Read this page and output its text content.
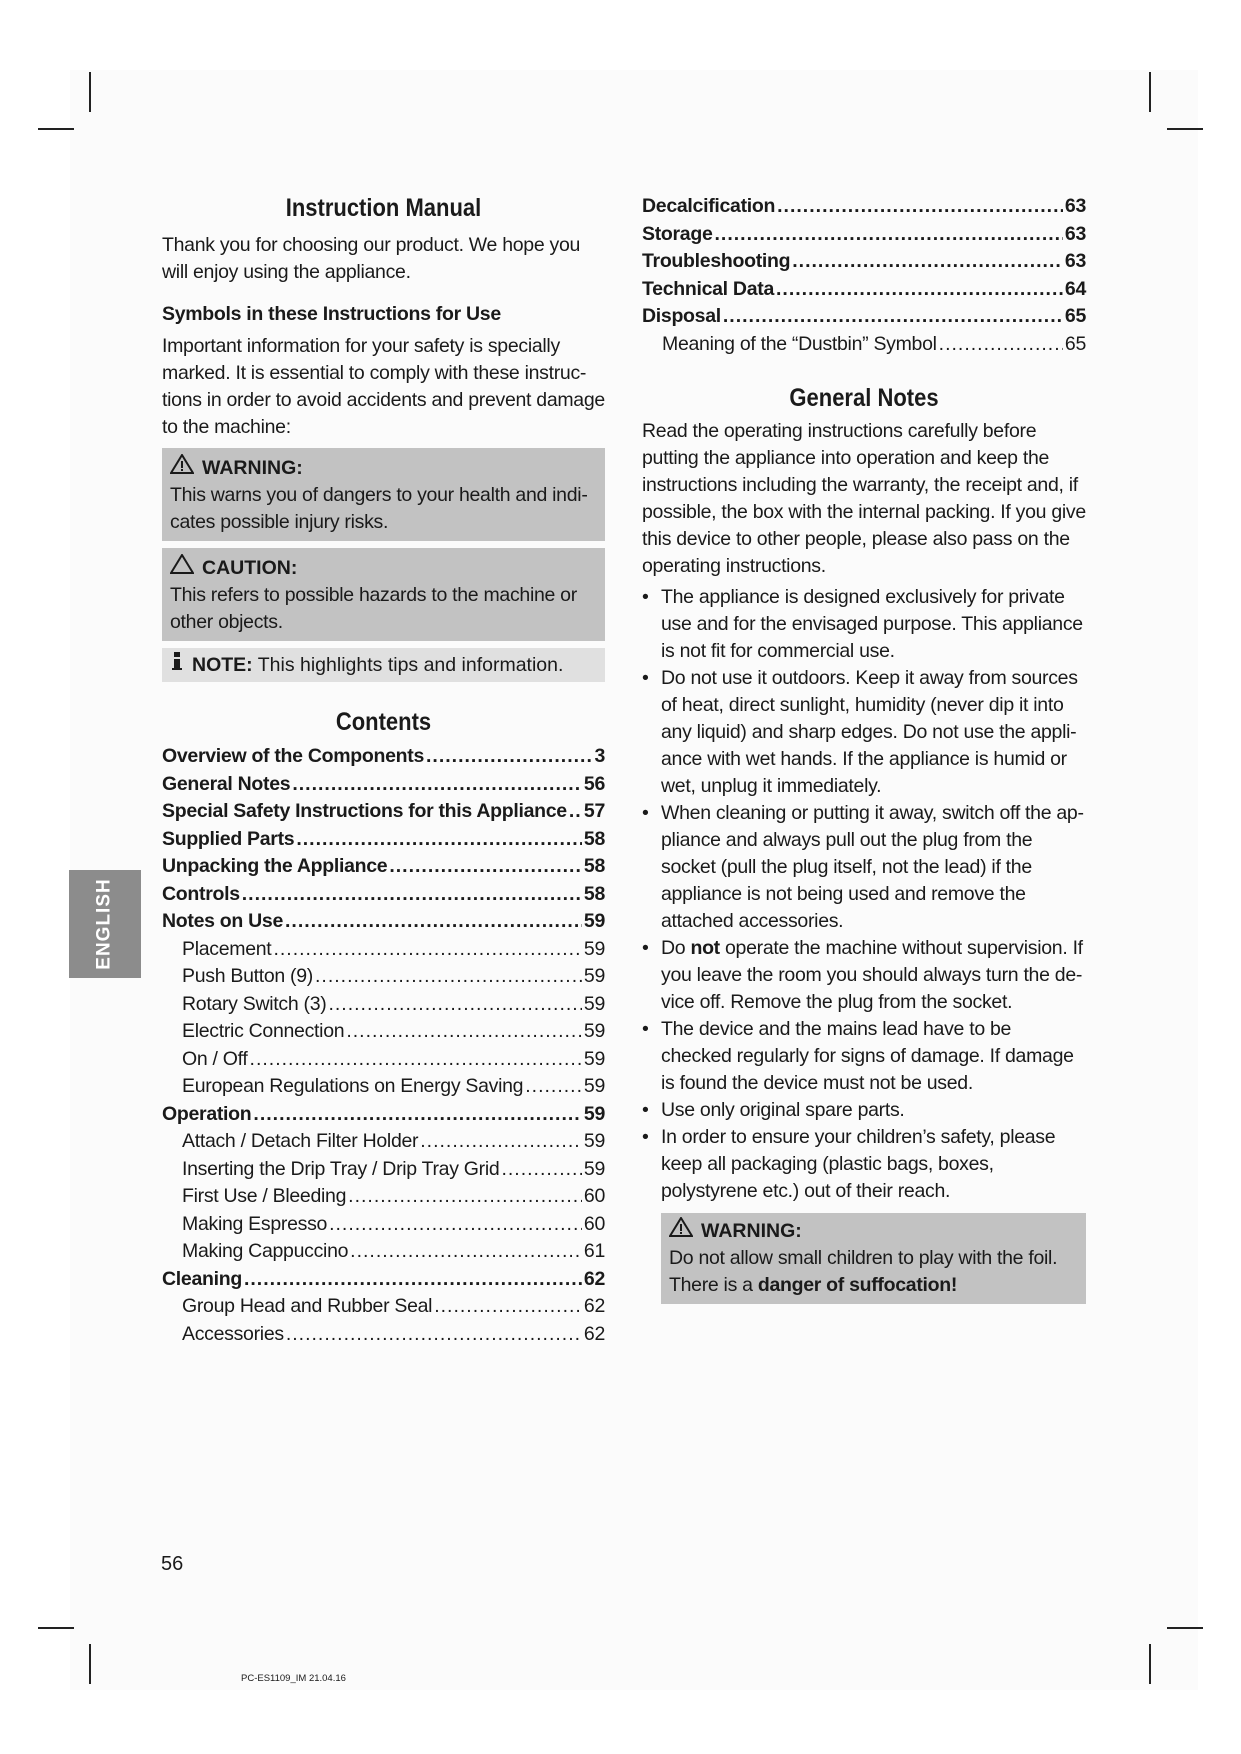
ENGLISH
Instruction Manual

Thank you for choosing our product. We hope you will enjoy using the appliance.

Symbols in these Instructions for Use

Important information for your safety is specially marked. It is essential to comply with these instructions in order to avoid accidents and prevent damage to the machine:

WARNING:
This warns you of dangers to your health and indicates possible injury risks.
CAUTION:
This refers to possible hazards to the machine or other objects.
NOTE: This highlights tips and information.
Contents
Overview of the Components .....	3
General Notes .....	56
Special Safety Instructions for this Appliance ..... 57
Supplied Parts .....	58
Unpacking the Appliance .....	58
Controls .....	58
Notes on Use .....	59
Placement .....	59
Push Button (9) .....	59
Rotary Switch (3) .....	59
Electric Connection .....	59
On / Off .....	59
European Regulations on Energy Saving .....	59
Operation .....	59
Attach / Detach Filter Holder .....	59
Inserting the Drip Tray / Drip Tray Grid .....	59
First Use / Bleeding .....	60
Making Espresso .....	60
Making Cappuccino .....	61
Cleaning .....	62
Group Head and Rubber Seal .....	62
Accessories .....	62
Decalcification .....	63
Storage .....	63
Troubleshooting .....	63
Technical Data .....	64
Disposal .....	65
Meaning of the “Dustbin” Symbol .....	65
General Notes

Read the operating instructions carefully before putting the appliance into operation and keep the instructions including the warranty, the receipt and, if possible, the box with the internal packing. If you give this device to other people, please also pass on the operating instructions.

• The appliance is designed exclusively for private use and for the envisaged purpose. This appliance is not fit for commercial use.
• Do not use it outdoors. Keep it away from sources of heat, direct sunlight, humidity (never dip it into any liquid) and sharp edges. Do not use the appliance with wet hands. If the appliance is humid or wet, unplug it immediately.
• When cleaning or putting it away, switch off the appliance and always pull out the plug from the socket (pull the plug itself, not the lead) if the appliance is not being used and remove the attached accessories.
• Do not operate the machine without supervision. If you leave the room you should always turn the device off. Remove the plug from the socket.
• The device and the mains lead have to be checked regularly for signs of damage. If damage is found the device must not be used.
• Use only original spare parts.
• In order to ensure your children’s safety, please keep all packaging (plastic bags, boxes, polystyrene etc.) out of their reach.
WARNING:
Do not allow small children to play with the foil.
There is a danger of suffocation!
56
PC-ES1109_IM 21.04.16
